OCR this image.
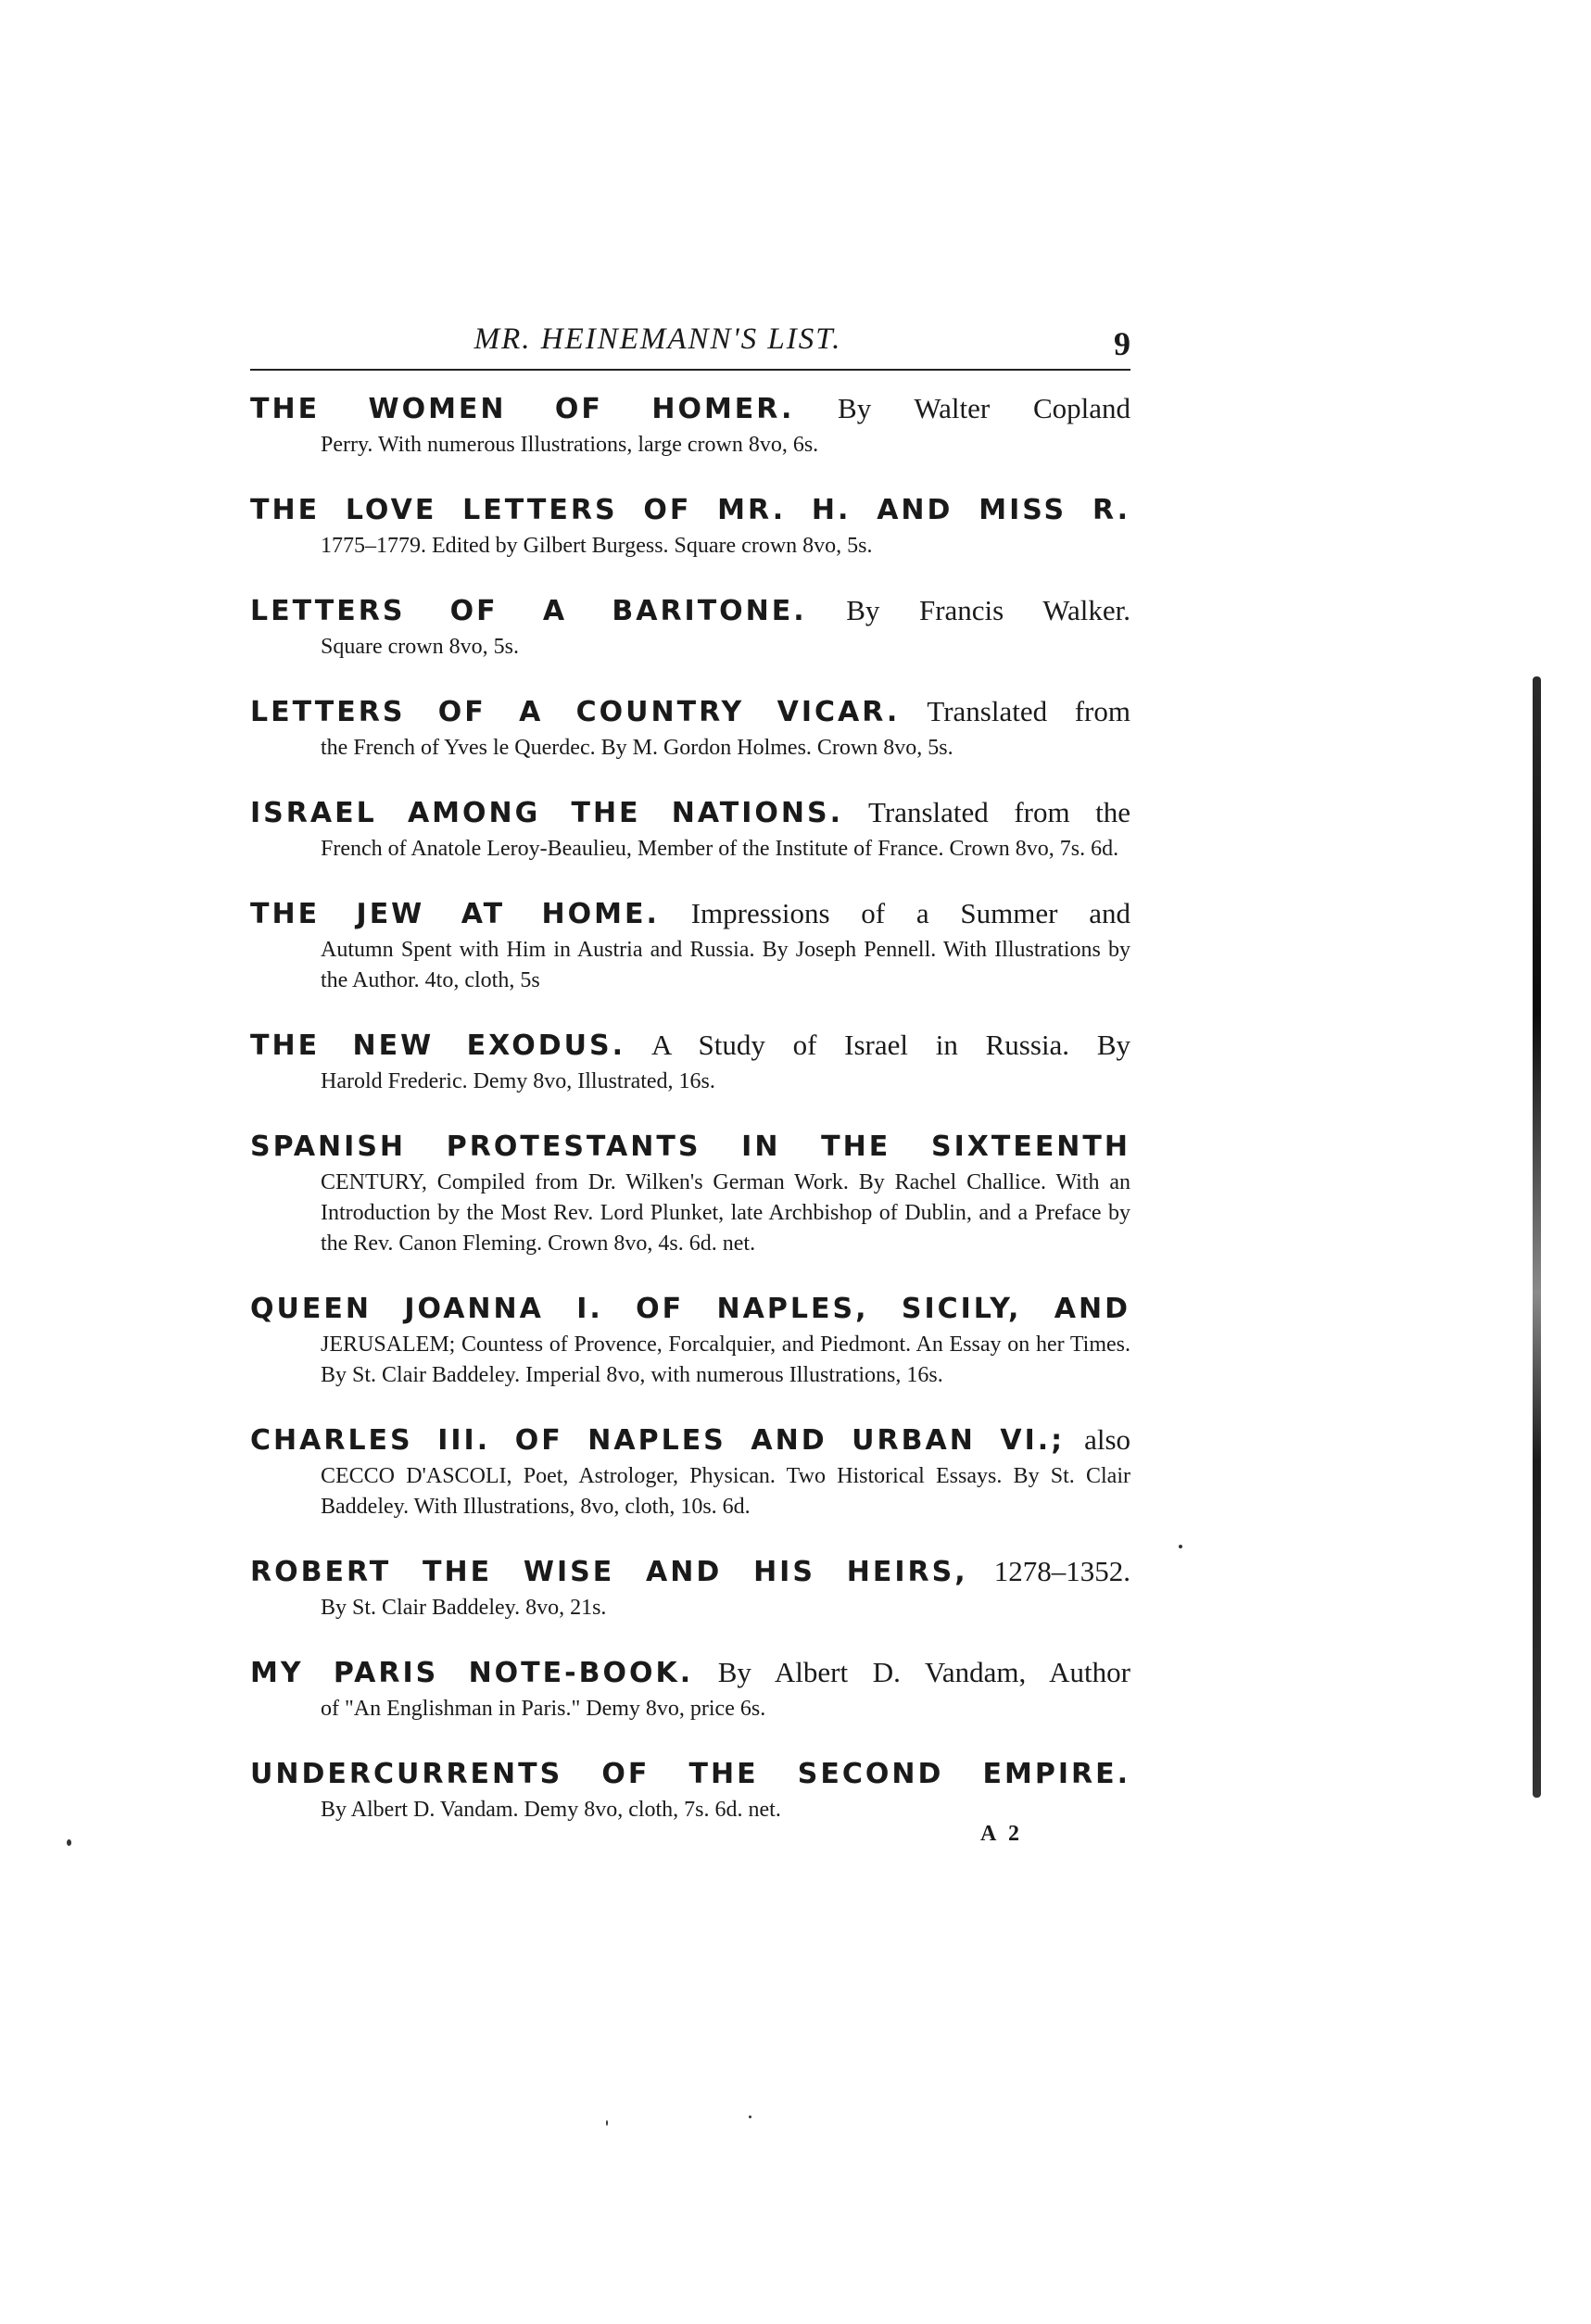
MR. HEINEMANN'S LIST.	9
THE WOMEN OF HOMER. By Walter Copland
Perry. With numerous Illustrations, large crown 8vo, 6s.
THE LOVE LETTERS OF MR. H. AND MISS R.
1775–1779. Edited by Gilbert Burgess. Square crown 8vo, 5s.
LETTERS OF A BARITONE. By Francis Walker.
Square crown 8vo, 5s.
LETTERS OF A COUNTRY VICAR. Translated from
the French of Yves le Querdec. By M. Gordon Holmes. Crown 8vo, 5s.
ISRAEL AMONG THE NATIONS. Translated from the
French of Anatole Leroy-Beaulieu, Member of the Institute of France. Crown 8vo, 7s. 6d.
THE JEW AT HOME. Impressions of a Summer and
Autumn Spent with Him in Austria and Russia. By Joseph Pennell. With Illustrations by the Author. 4to, cloth, 5s
THE NEW EXODUS. A Study of Israel in Russia. By
Harold Frederic. Demy 8vo, Illustrated, 16s.
SPANISH PROTESTANTS IN THE SIXTEENTH
CENTURY, Compiled from Dr. Wilken's German Work. By Rachel Challice. With an Introduction by the Most Rev. Lord Plunket, late Archbishop of Dublin, and a Preface by the Rev. Canon Fleming. Crown 8vo, 4s. 6d. net.
QUEEN JOANNA I. OF NAPLES, SICILY, AND
JERUSALEM; Countess of Provence, Forcalquier, and Piedmont. An Essay on her Times. By St. Clair Baddeley. Imperial 8vo, with numerous Illustrations, 16s.
CHARLES III. OF NAPLES AND URBAN VI.; also
CECCO D'ASCOLI, Poet, Astrologer, Physican. Two Historical Essays. By St. Clair Baddeley. With Illustrations, 8vo, cloth, 10s. 6d.
ROBERT THE WISE AND HIS HEIRS, 1278–1352.
By St. Clair Baddeley. 8vo, 21s.
MY PARIS NOTE-BOOK. By Albert D. Vandam, Author
of "An Englishman in Paris." Demy 8vo, price 6s.
UNDERCURRENTS OF THE SECOND EMPIRE.
By Albert D. Vandam. Demy 8vo, cloth, 7s. 6d. net.
A 2
